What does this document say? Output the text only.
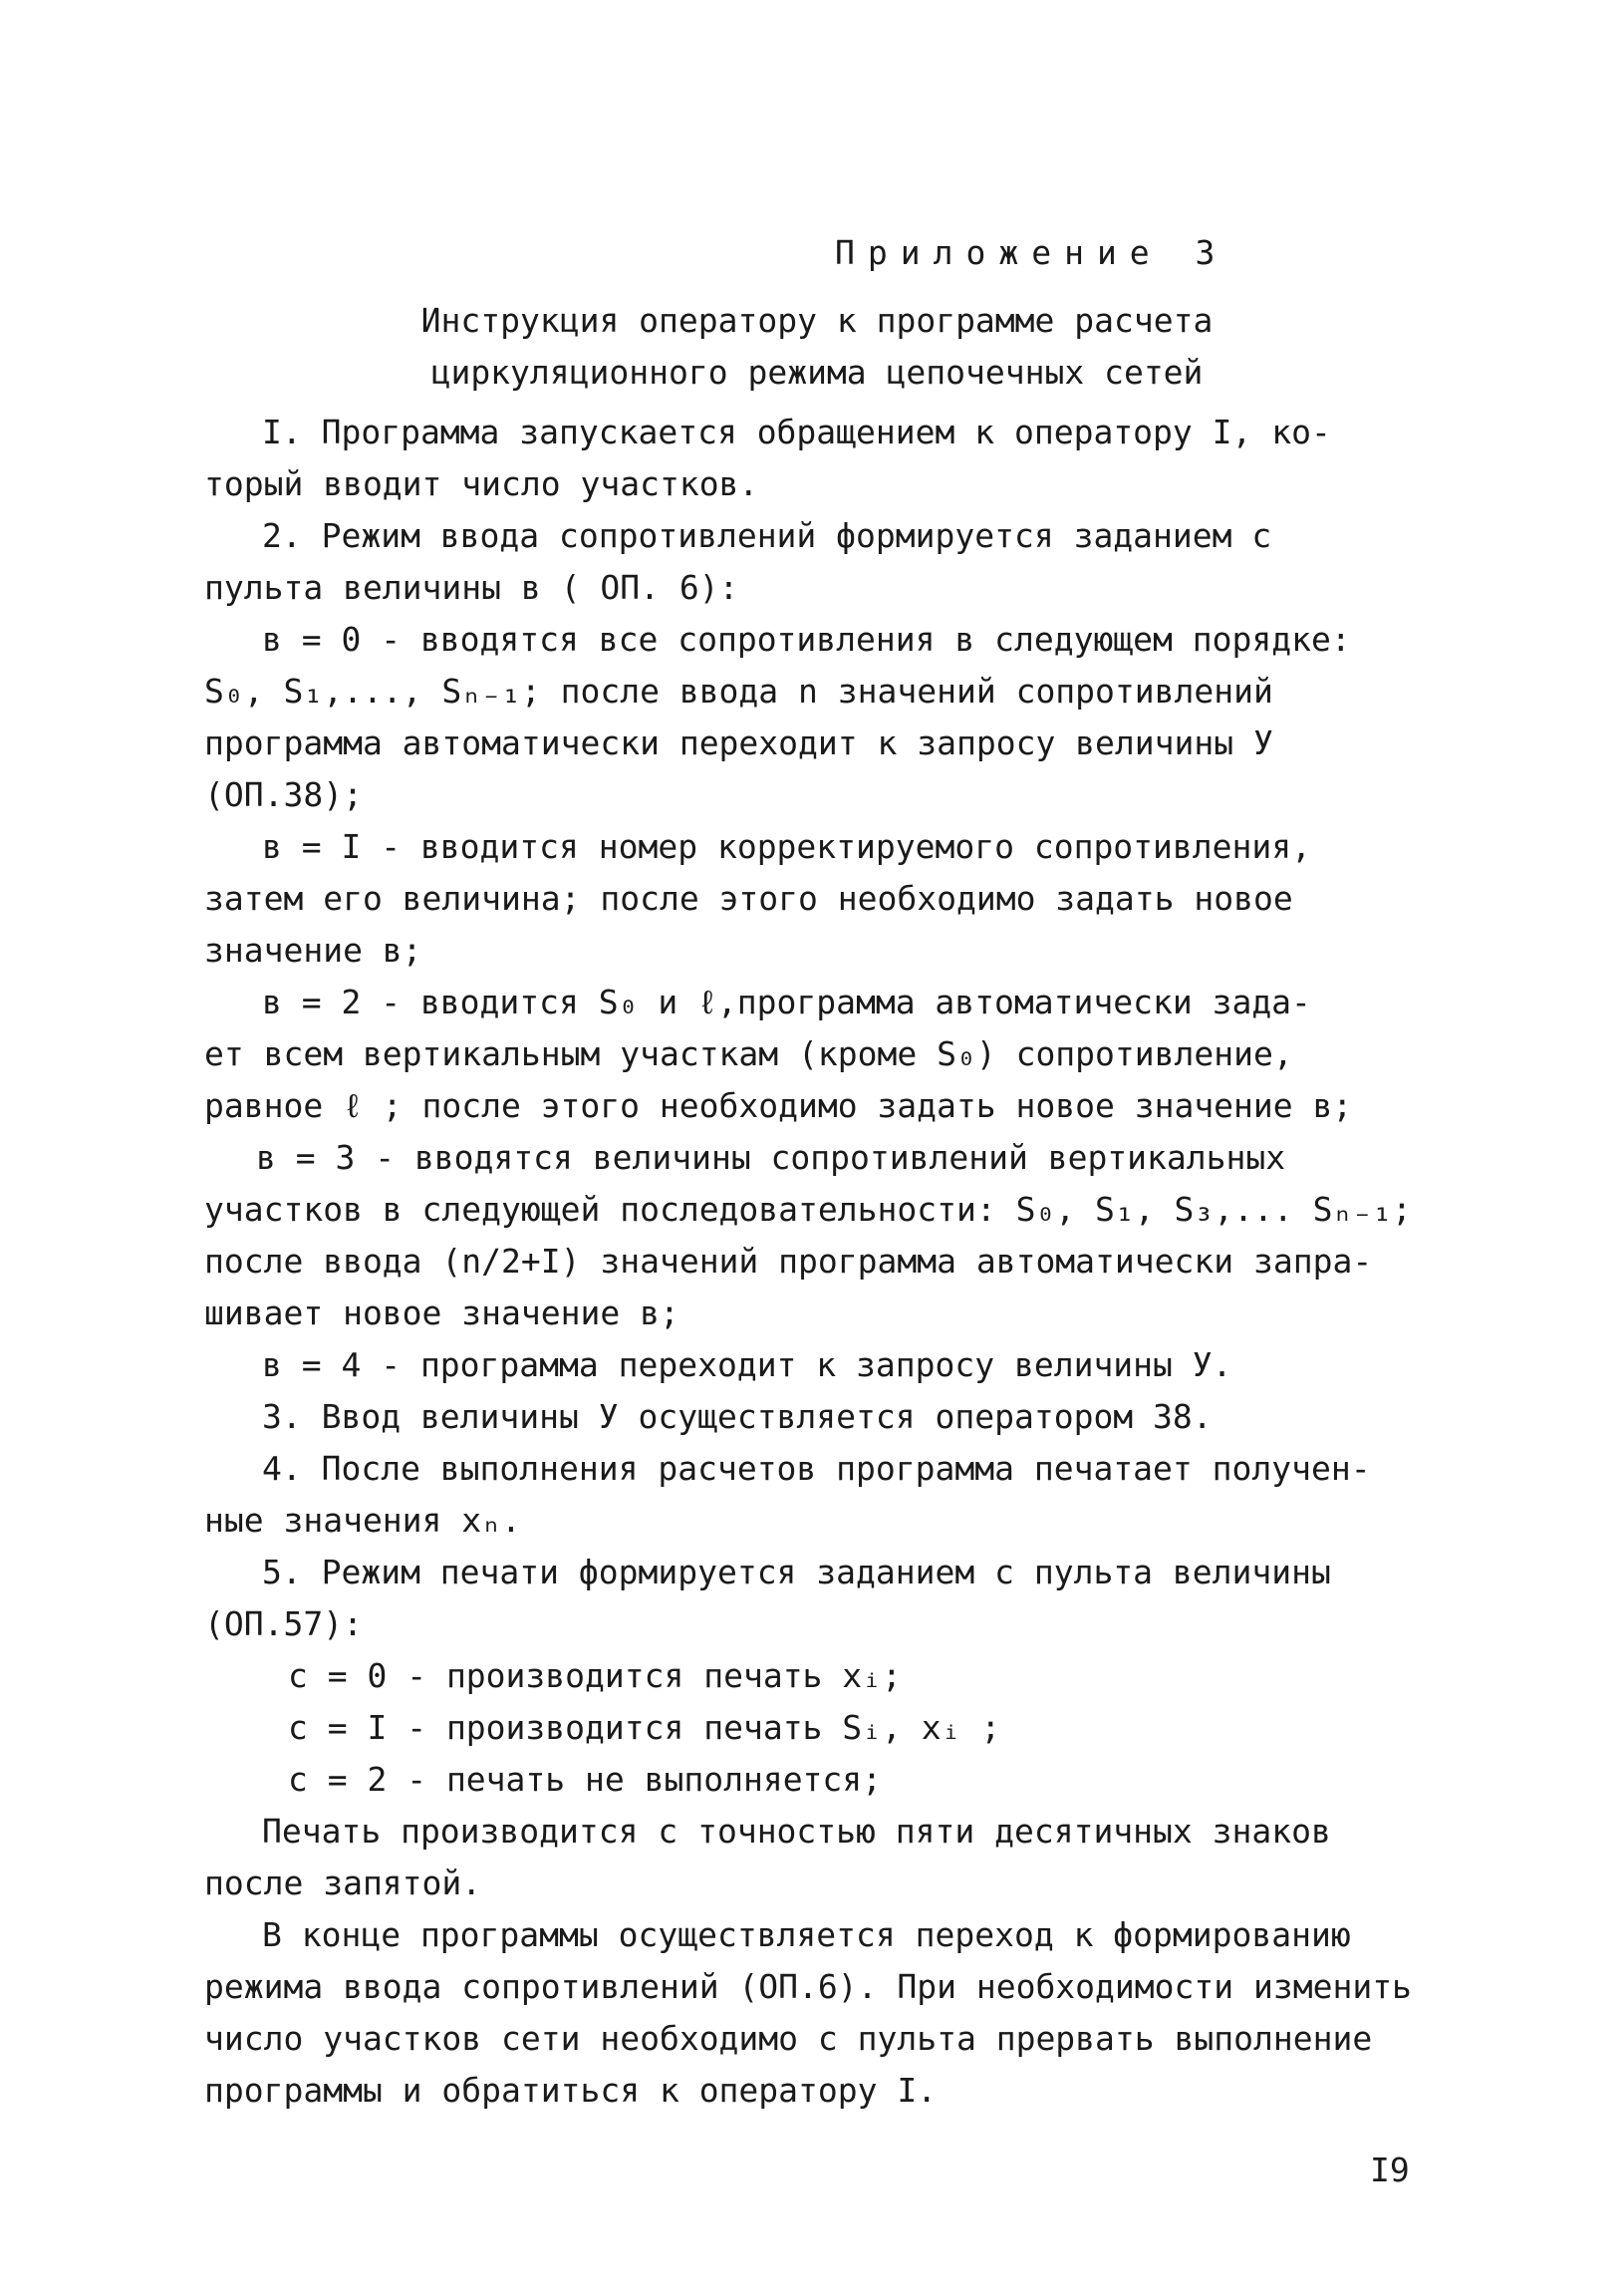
Приложение 3
Инструкция оператору к программе расчета
циркуляционного режима цепочечных сетей
I. Программа запускается обращением к оператору I, ко-
торый вводит число участков.
2. Режим ввода сопротивлений формируется заданием с
пульта величины в ( ОП. 6):
в = 0 - вводятся все сопротивления в следующем порядке:
S₀, S₁,..., Sₙ₋₁; после ввода n значений сопротивлений
программа автоматически переходит к запросу величины У
(ОП.38);
в = I - вводится номер корректируемого сопротивления,
затем его величина; после этого необходимо задать новое
значение в;
в = 2 - вводится S₀ и ℓ,программа автоматически зада-
ет всем вертикальным участкам (кроме S₀) сопротивление,
равное ℓ ; после этого необходимо задать новое значение в;
в = 3 - вводятся величины сопротивлений вертикальных
участков в следующей последовательности: S₀, S₁, S₃,... Sₙ₋₁;
после ввода (n/2+I) значений программа автоматически запра-
шивает новое значение в;
в = 4 - программа переходит к запросу величины У.
3. Ввод величины У осуществляется оператором 38.
4. После выполнения расчетов программа печатает получен-
ные значения xₙ.
5. Режим печати формируется заданием с пульта величины
(ОП.57):
с = 0 - производится печать xᵢ;
с = I - производится печать Sᵢ, xᵢ ;
с = 2 - печать не выполняется;
Печать производится с точностью пяти десятичных знаков
после запятой.
В конце программы осуществляется переход к формированию
режима ввода сопротивлений (ОП.6). При необходимости изменить
число участков сети необходимо с пульта прервать выполнение
программы и обратиться к оператору I.
I9
